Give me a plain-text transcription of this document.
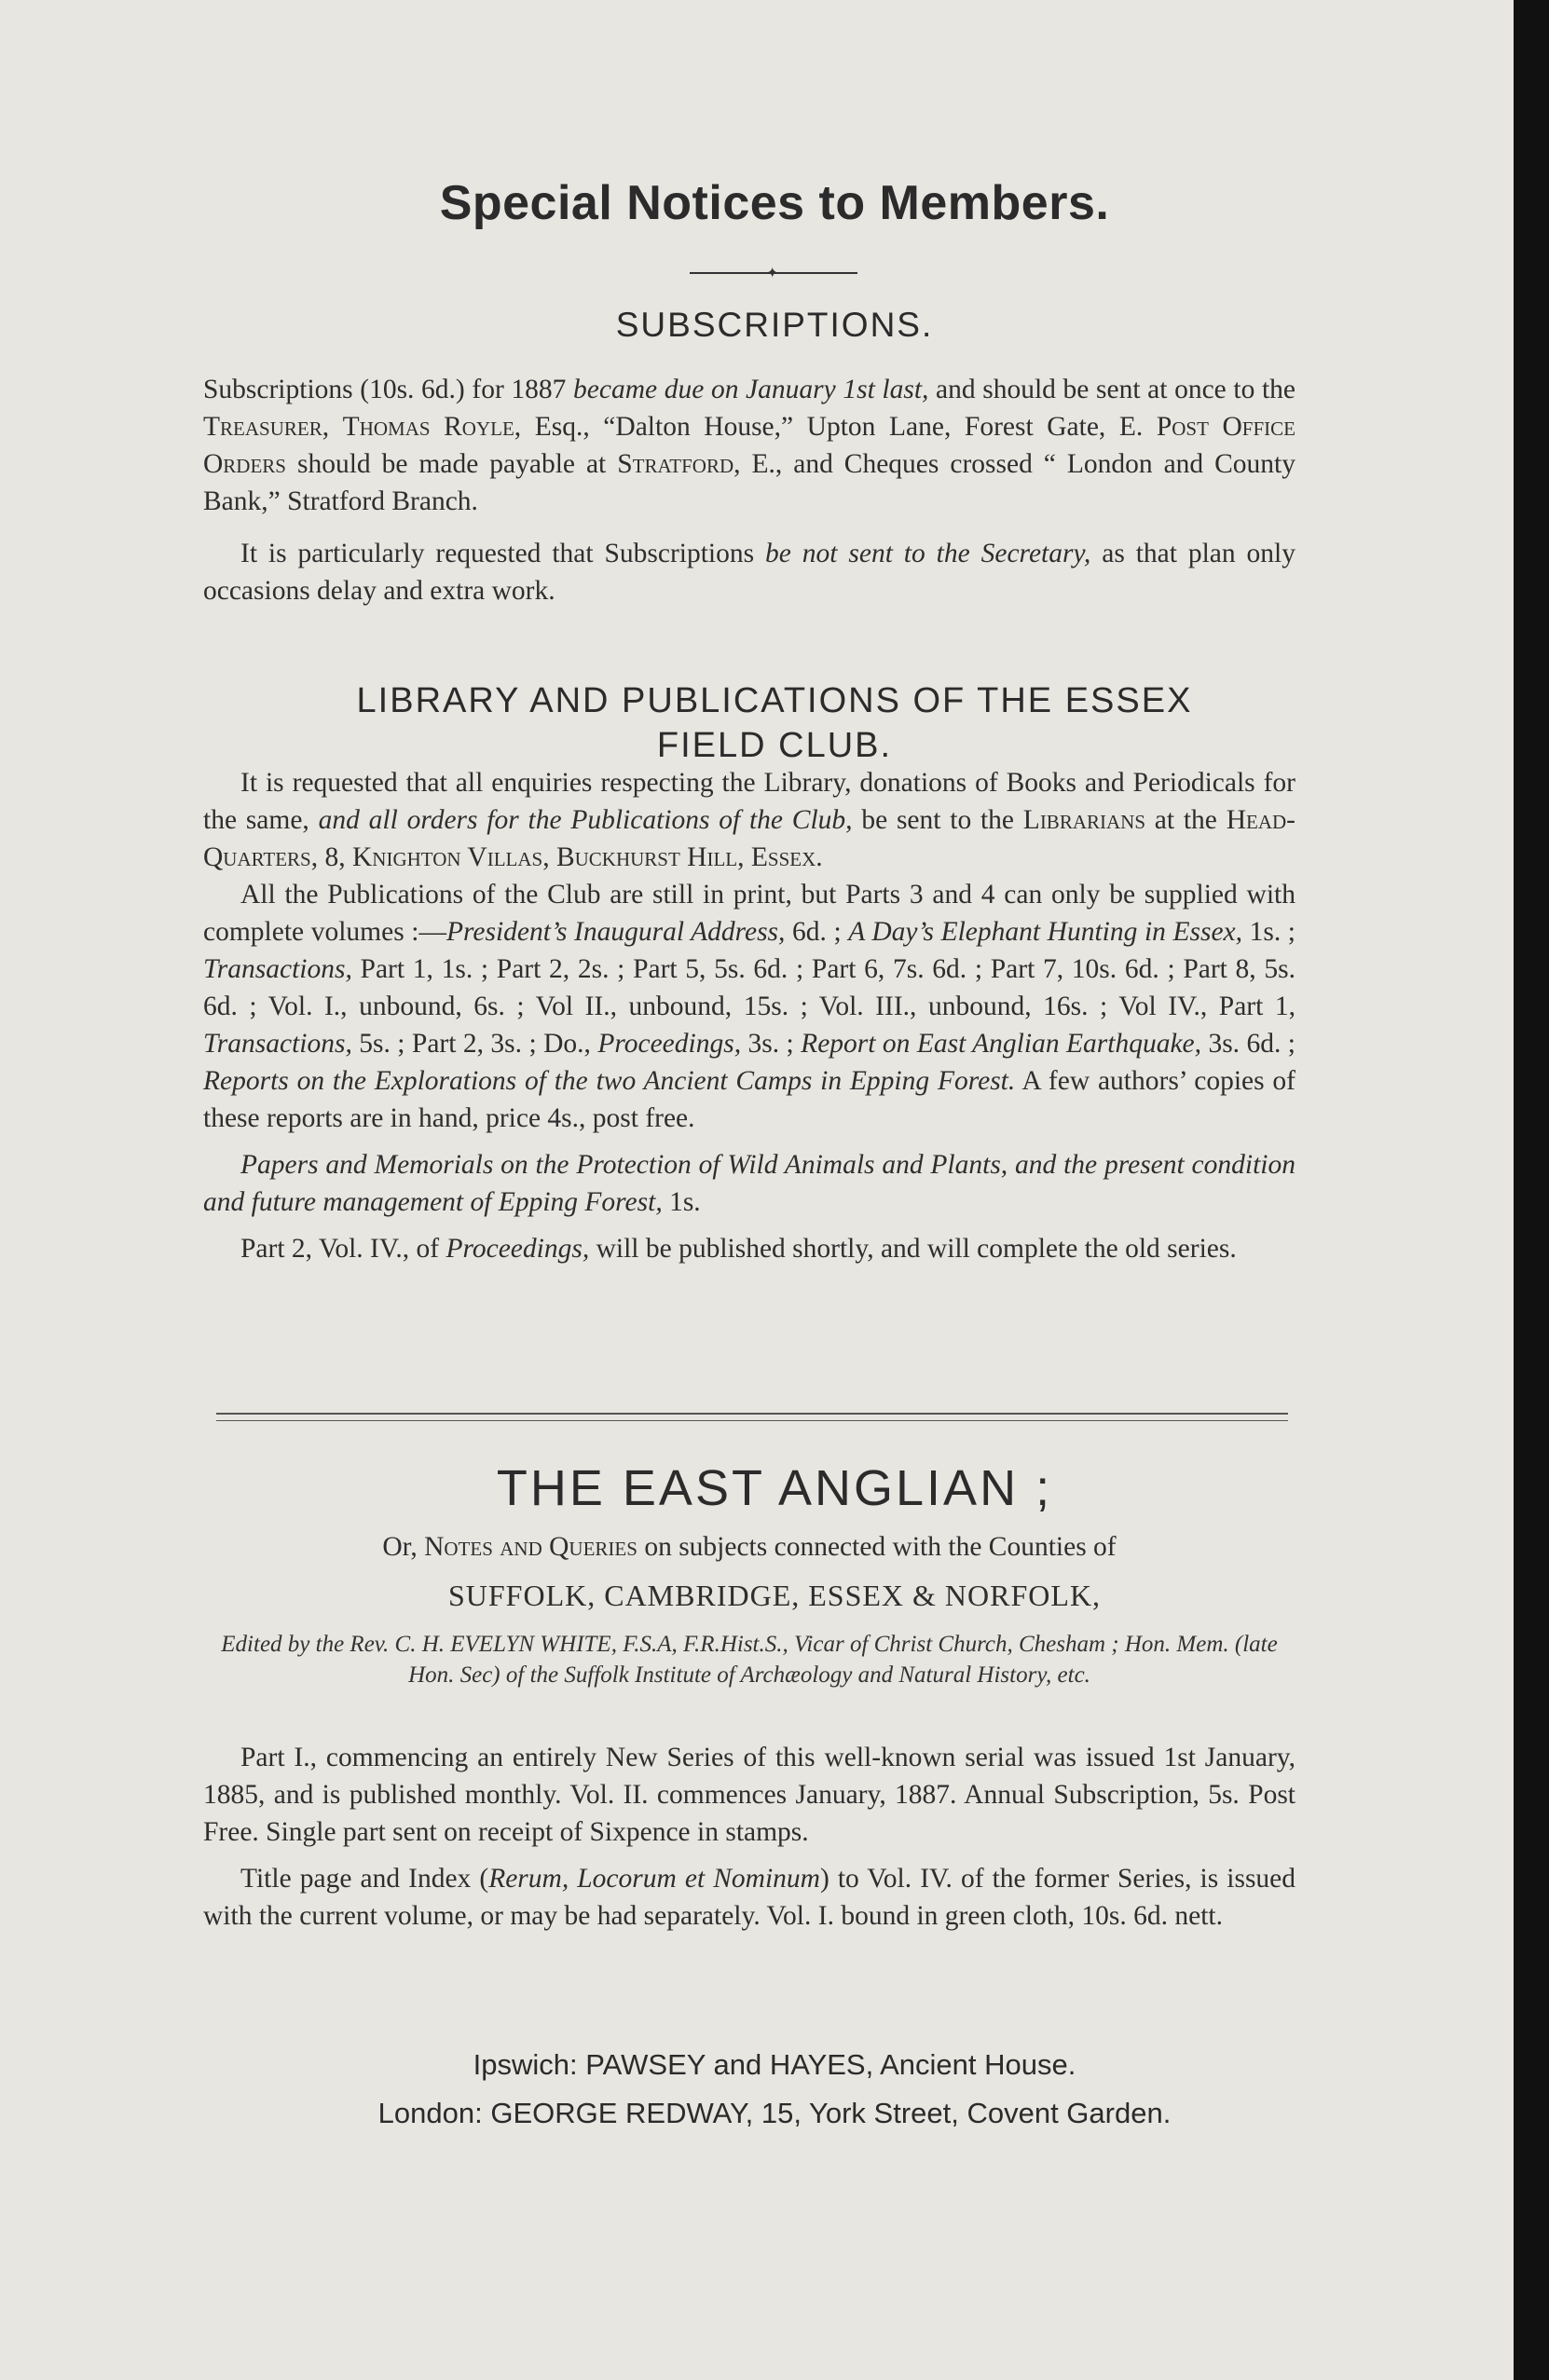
Special Notices to Members.
✦
SUBSCRIPTIONS.

Subscriptions (10s. 6d.) for 1887 became due on January 1st last, and should be sent at once to the Treasurer, Thomas Royle, Esq., “Dalton House,” Upton Lane, Forest Gate, E. Post Office Orders should be made payable at Stratford, E., and Cheques crossed “ London and County Bank,” Stratford Branch.

It is particularly requested that Subscriptions be not sent to the Secretary, as that plan only occasions delay and extra work.

LIBRARY AND PUBLICATIONS OF THE ESSEX
FIELD CLUB.

It is requested that all enquiries respecting the Library, donations of Books and Periodicals for the same, and all orders for the Publications of the Club, be sent to the Librarians at the Head-Quarters, 8, Knighton Villas, Buckhurst Hill, Essex.

All the Publications of the Club are still in print, but Parts 3 and 4 can only be supplied with complete volumes :—President’s Inaugural Address, 6d. ; A Day’s Elephant Hunting in Essex, 1s. ; Transactions, Part 1, 1s. ; Part 2, 2s. ; Part 5, 5s. 6d. ; Part 6, 7s. 6d. ; Part 7, 10s. 6d. ; Part 8, 5s. 6d. ; Vol. I., unbound, 6s. ; Vol II., unbound, 15s. ; Vol. III., unbound, 16s. ; Vol IV., Part 1, Transactions, 5s. ; Part 2, 3s. ; Do., Proceedings, 3s. ; Report on East Anglian Earthquake, 3s. 6d. ; Reports on the Explorations of the two Ancient Camps in Epping Forest. A few authors’ copies of these reports are in hand, price 4s., post free.

Papers and Memorials on the Protection of Wild Animals and Plants, and the present condition and future management of Epping Forest, 1s.

Part 2, Vol. IV., of Proceedings, will be published shortly, and will complete the old series.

THE EAST ANGLIAN ;

Or, Notes and Queries on subjects connected with the Counties of

SUFFOLK, CAMBRIDGE, ESSEX & NORFOLK,
Edited by the Rev. C. H. EVELYN WHITE, F.S.A, F.R.Hist.S., Vicar of Christ Church, Chesham ; Hon. Mem. (late Hon. Sec) of the Suffolk Institute of Archæology and Natural History, etc.

Part I., commencing an entirely New Series of this well-known serial was issued 1st January, 1885, and is published monthly. Vol. II. commences January, 1887. Annual Subscription, 5s. Post Free. Single part sent on receipt of Sixpence in stamps.

Title page and Index (Rerum, Locorum et Nominum) to Vol. IV. of the former Series, is issued with the current volume, or may be had separately. Vol. I. bound in green cloth, 10s. 6d. nett.

Ipswich: PAWSEY and HAYES, Ancient House.
London: GEORGE REDWAY, 15, York Street, Covent Garden.
